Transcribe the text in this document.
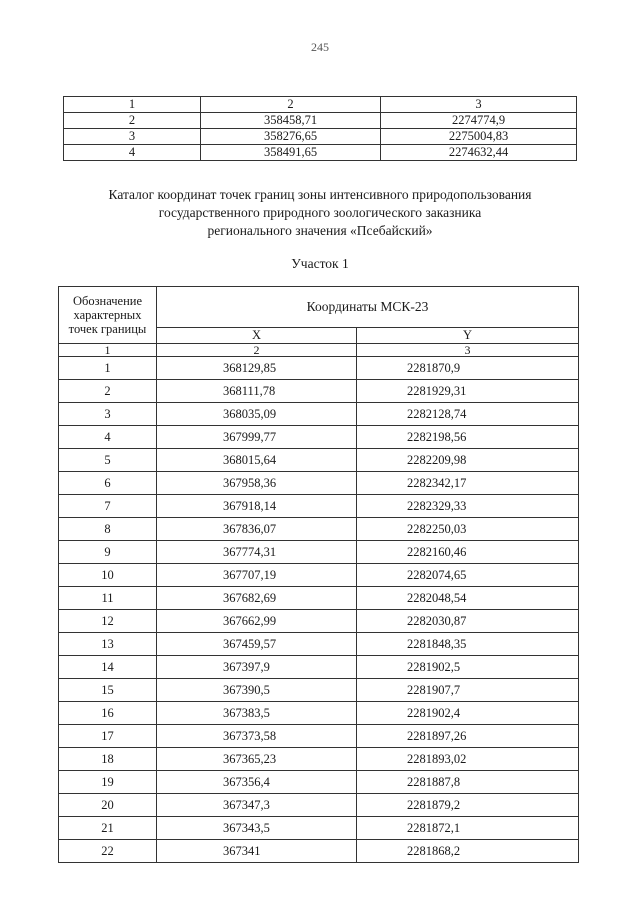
245
1	2	3
2	358458,71	2274774,9
3	358276,65	2275004,83
4	358491,65	2274632,44
Каталог координат точек границ зоны интенсивного природопользования
государственного природного зоологического заказника
регионального значения «Псебайский»
Участок 1
Обозначение характерных точек границы	Координаты МСК-23	
	X	Y
1	2	3
1	368129,85	2281870,9
2	368111,78	2281929,31
3	368035,09	2282128,74
4	367999,77	2282198,56
5	368015,64	2282209,98
6	367958,36	2282342,17
7	367918,14	2282329,33
8	367836,07	2282250,03
9	367774,31	2282160,46
10	367707,19	2282074,65
11	367682,69	2282048,54
12	367662,99	2282030,87
13	367459,57	2281848,35
14	367397,9	2281902,5
15	367390,5	2281907,7
16	367383,5	2281902,4
17	367373,58	2281897,26
18	367365,23	2281893,02
19	367356,4	2281887,8
20	367347,3	2281879,2
21	367343,5	2281872,1
22	367341	2281868,2
